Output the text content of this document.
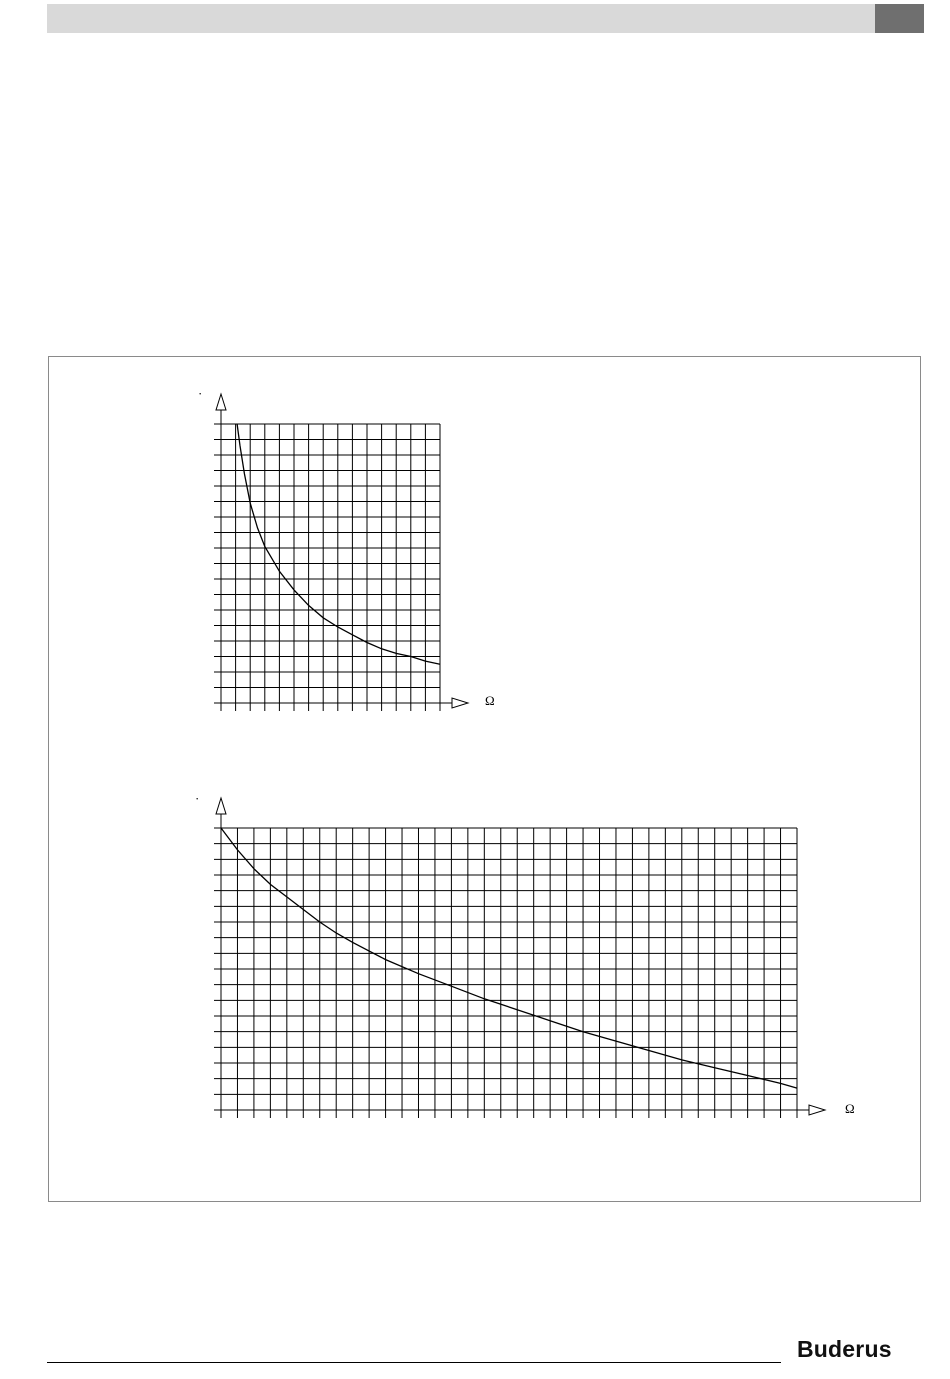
Ω
·
Ω
·
Buderus
